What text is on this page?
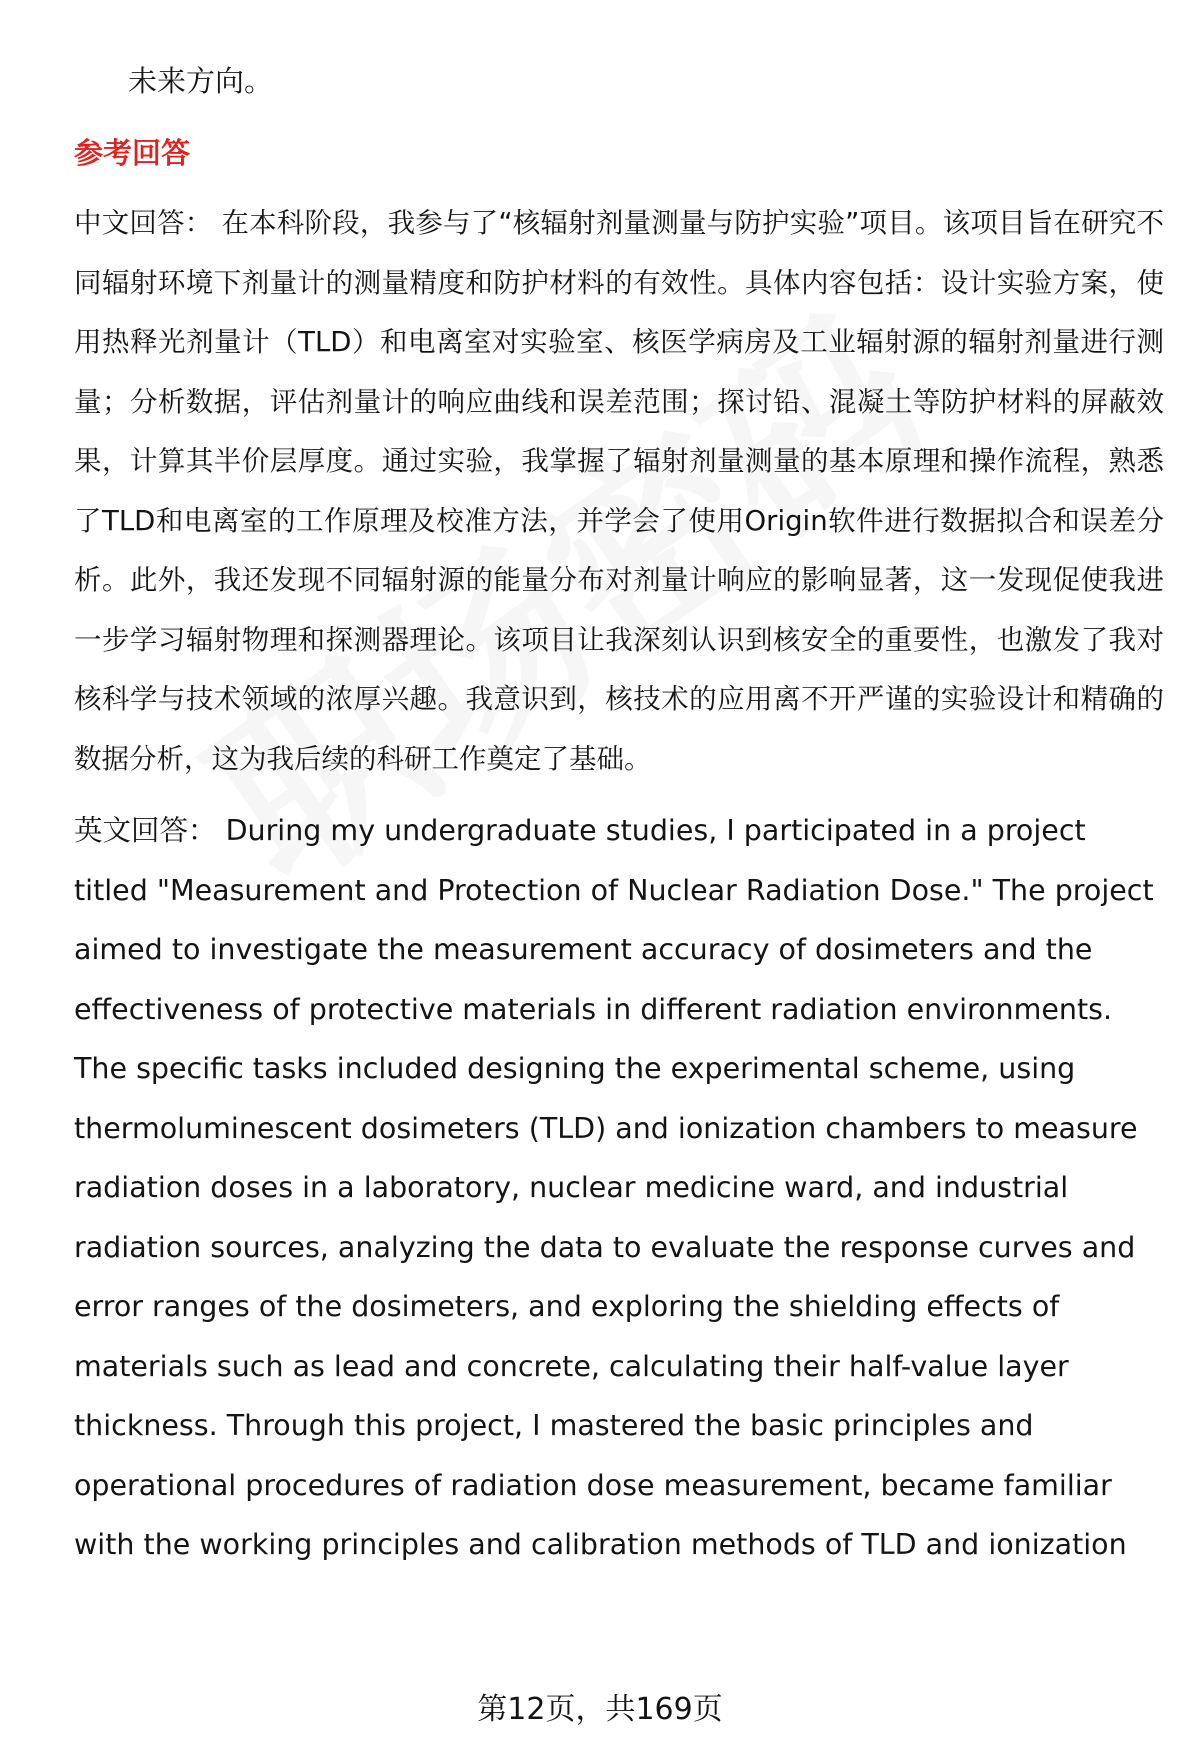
未来方向。

参考回答

中文回答： 在本科阶段，我参与了“核辐射剂量测量与防护实验”项目。该项目旨在研究不同辐射环境下剂量计的测量精度和防护材料的有效性。具体内容包括：设计实验方案，使用热释光剂量计（TLD）和电离室对实验室、核医学病房及工业辐射源的辐射剂量进行测量；分析数据，评估剂量计的响应曲线和误差范围；探讨铅、混凝土等防护材料的屏蔽效果，计算其半价层厚度。通过实验，我掌握了辐射剂量测量的基本原理和操作流程，熟悉了TLD和电离室的工作原理及校准方法，并学会了使用Origin软件进行数据拟合和误差分析。此外，我还发现不同辐射源的能量分布对剂量计响应的影响显著，这一发现促使我进一步学习辐射物理和探测器理论。该项目让我深刻认识到核安全的重要性，也激发了我对核科学与技术领域的浓厚兴趣。我意识到，核技术的应用离不开严谨的实验设计和精确的数据分析，这为我后续的科研工作奠定了基础。

英文回答： During my undergraduate studies, I participated in a project titled "Measurement and Protection of Nuclear Radiation Dose." The project aimed to investigate the measurement accuracy of dosimeters and the effectiveness of protective materials in different radiation environments. The specific tasks included designing the experimental scheme, using thermoluminescent dosimeters (TLD) and ionization chambers to measure radiation doses in a laboratory, nuclear medicine ward, and industrial radiation sources, analyzing the data to evaluate the response curves and error ranges of the dosimeters, and exploring the shielding effects of materials such as lead and concrete, calculating their half-value layer thickness. Through this project, I mastered the basic principles and operational procedures of radiation dose measurement, became familiar with the working principles and calibration methods of TLD and ionization

第12页，共169页
